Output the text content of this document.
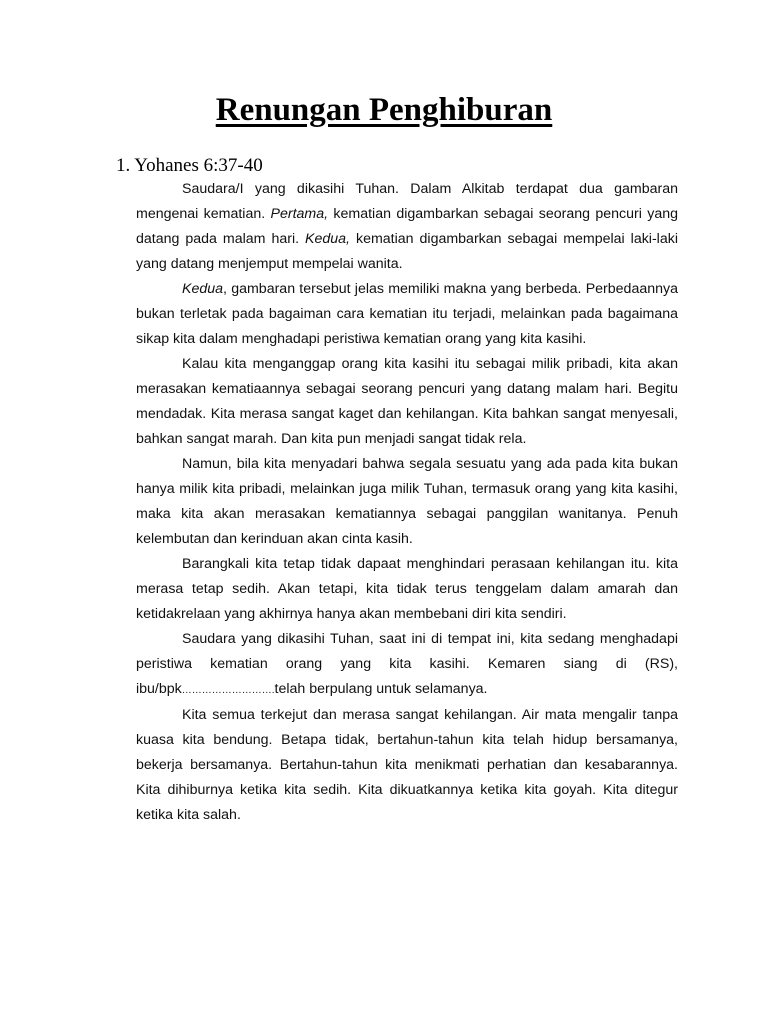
Renungan Penghiburan
1. Yohanes 6:37-40

Saudara/I yang dikasihi Tuhan. Dalam Alkitab terdapat dua gambaran mengenai kematian. Pertama, kematian digambarkan sebagai seorang pencuri yang datang pada malam hari. Kedua, kematian digambarkan sebagai mempelai laki-laki yang datang menjemput mempelai wanita.

Kedua, gambaran tersebut jelas memiliki makna yang berbeda. Perbedaannya bukan terletak pada bagaiman cara kematian itu terjadi, melainkan pada bagaimana sikap kita dalam menghadapi peristiwa kematian orang yang kita kasihi.

Kalau kita menganggap orang kita kasihi itu sebagai milik pribadi, kita akan merasakan kematiaannya sebagai seorang pencuri yang datang malam hari. Begitu mendadak. Kita merasa sangat kaget dan kehilangan. Kita bahkan sangat menyesali, bahkan sangat marah. Dan kita pun menjadi sangat tidak rela.

Namun, bila kita menyadari bahwa segala sesuatu yang ada pada kita bukan hanya milik kita pribadi, melainkan juga milik Tuhan, termasuk orang yang kita kasihi, maka kita akan merasakan kematiannya sebagai panggilan wanitanya. Penuh kelembutan dan kerinduan akan cinta kasih.

Barangkali kita tetap tidak dapaat menghindari perasaan kehilangan itu. kita merasa tetap sedih. Akan tetapi, kita tidak terus tenggelam dalam amarah dan ketidakrelaan yang akhirnya hanya akan membebani diri kita sendiri.

Saudara yang dikasihi Tuhan, saat ini di tempat ini, kita sedang menghadapi peristiwa kematian orang yang kita kasihi. Kemaren siang di (RS), ibu/bpk……………………….telah berpulang untuk selamanya.

Kita semua terkejut dan merasa sangat kehilangan. Air mata mengalir tanpa kuasa kita bendung. Betapa tidak, bertahun-tahun kita telah hidup bersamanya, bekerja bersamanya. Bertahun-tahun kita menikmati perhatian dan kesabarannya. Kita dihiburnya ketika kita sedih. Kita dikuatkannya ketika kita goyah. Kita ditegur ketika kita salah.
